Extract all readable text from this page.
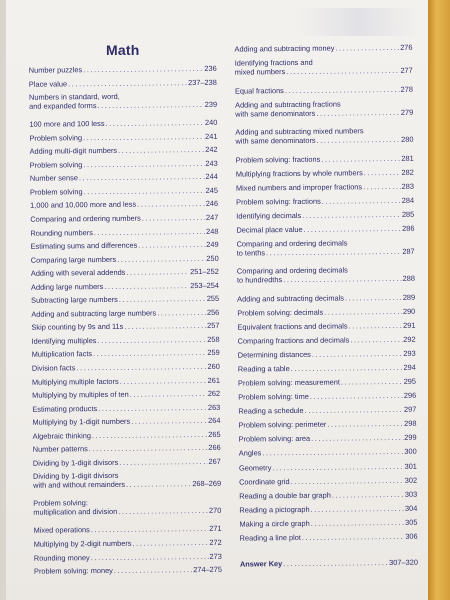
Math
Number puzzles .....	236
Place value .....	237–238
Numbers in standard, word,
and expanded forms .....	239
100 more and 100 less .....	240
Problem solving .....	241
Adding multi-digit numbers .....	242
Problem solving .....	243
Number sense .....	244
Problem solving .....	245
1,000 and 10,000 more and less .....	246
Comparing and ordering numbers .....	247
Rounding numbers .....	248
Estimating sums and differences .....	249
Comparing large numbers .....	250
Adding with several addends .....	251–252
Adding large numbers .....	253–254
Subtracting large numbers .....	255
Adding and subtracting large numbers .....	256
Skip counting by 9s and 11s .....	257
Identifying multiples .....	258
Multiplication facts .....	259
Division facts .....	260
Multiplying multiple factors .....	261
Multiplying by multiples of ten .....	262
Estimating products .....	263
Multiplying by 1-digit numbers .....	264
Algebraic thinking .....	265
Number patterns .....	266
Dividing by 1-digit divisors .....	267
Dividing by 1-digit divisors
with and without remainders .....	268–269
Problem solving:
multiplication and division .....	270
Mixed operations .....	271
Multiplying by 2-digit numbers .....	272
Rounding money .....	273
Problem solving: money .....	274–275
Adding and subtracting money .....	276
Identifying fractions and
mixed numbers .....	277
Equal fractions .....	278
Adding and subtracting fractions
with same denominators .....	279
Adding and subtracting mixed numbers
with same denominators .....	280
Problem solving: fractions .....	281
Multiplying fractions by whole numbers .....	282
Mixed numbers and improper fractions .....	283
Problem solving: fractions .....	284
Identifying decimals .....	285
Decimal place value .....	286
Comparing and ordering decimals
to tenths .....	287
Comparing and ordering decimals
to hundredths .....	288
Adding and subtracting decimals .....	289
Problem solving: decimals .....	290
Equivalent fractions and decimals .....	291
Comparing fractions and decimals .....	292
Determining distances .....	293
Reading a table .....	294
Problem solving: measurement .....	295
Problem solving: time .....	296
Reading a schedule .....	297
Problem solving: perimeter .....	298
Problem solving: area .....	299
Angles .....	300
Geometry .....	301
Coordinate grid .....	302
Reading a double bar graph .....	303
Reading a pictograph .....	304
Making a circle graph .....	305
Reading a line plot .....	306
Answer Key .....	307–320
